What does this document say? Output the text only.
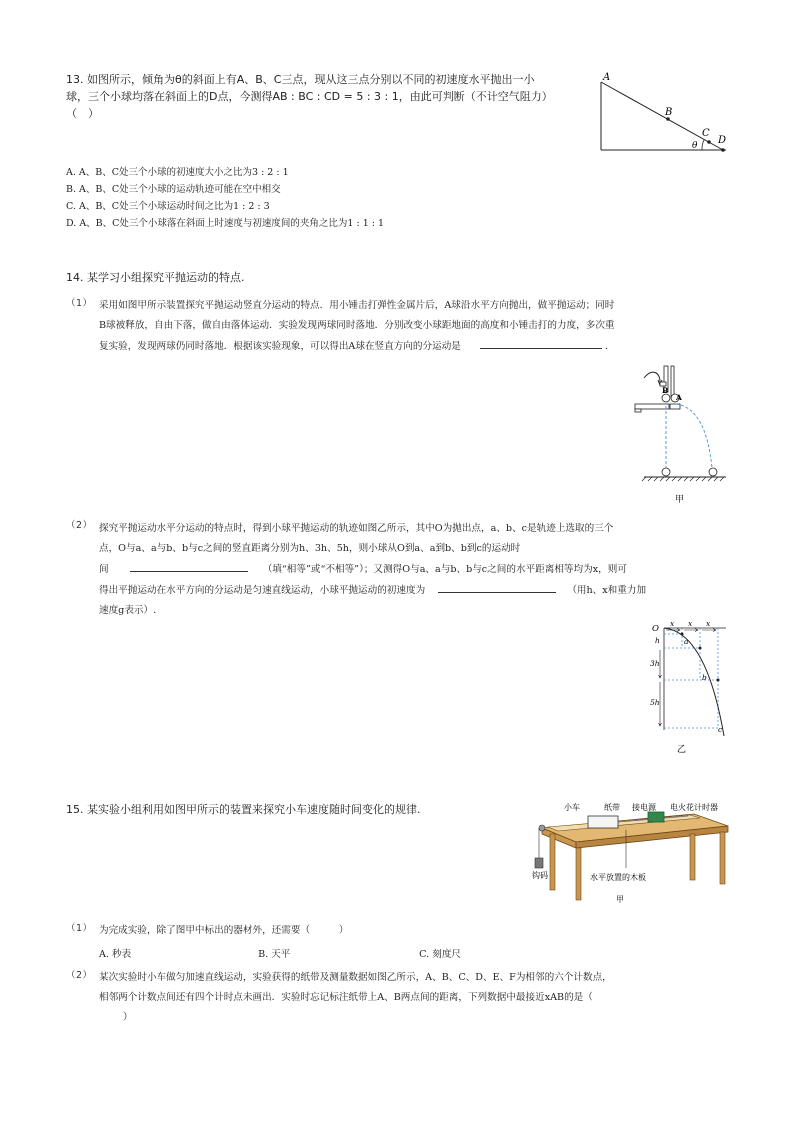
13. 如图所示，倾角为θ的斜面上有A、B、C三点，现从这三点分别以不同的初速度水平抛出一小
球，三个小球均落在斜面上的D点，今测得AB : BC : CD = 5 : 3 : 1，由此可判断（不计空气阻力）
（　）
A
B
C
D
θ
A. A、B、C处三个小球的初速度大小之比为3 : 2 : 1
B. A、B、C处三个小球的运动轨迹可能在空中相交
C. A、B、C处三个小球运动时间之比为1 : 2 : 3
D. A、B、C处三个小球落在斜面上时速度与初速度间的夹角之比为1 : 1 : 1
14. 某学习小组探究平抛运动的特点.
（1） 采用如图甲所示装置探究平抛运动竖直分运动的特点．用小锤击打弹性金属片后，A球沿水平方向抛出，做平抛运动；同时
B球被释放，自由下落，做自由落体运动．实验发现两球同时落地．分别改变小球距地面的高度和小锤击打的力度，多次重
复实验，发现两球仍同时落地．根据该实验现象，可以得出A球在竖直方向的分运动是	．
B
A
甲
（2） 探究平抛运动水平分运动的特点时，得到小球平抛运动的轨迹如图乙所示，其中O为抛出点，a、b、c是轨迹上选取的三个
点，O与a、a与b、b与c之间的竖直距离分别为h、3h、5h，则小球从O到a、a到b、b到c的运动时
间	（填“相等”或“不相等”）；又测得O与a、a与b、b与c之间的水平距离相等均为x，则可
得出平抛运动在水平方向的分运动是匀速直线运动，小球平抛运动的初速度为	（用h、x和重力加
速度g表示）.
O
x x x
h
3h
5h
a
b
c
乙
15. 某实验小组利用如图甲所示的装置来探究小车速度随时间变化的规律.	小车	纸带 接电源 电火花计时器
钩码	水平放置的木板
甲
（1） 为完成实验，除了图甲中标出的器材外，还需要（　　　）
A. 秒表	B. 天平	C. 刻度尺
（2） 某次实验时小车做匀加速直线运动，实验获得的纸带及测量数据如图乙所示，A、B、C、D、E、F为相邻的六个计数点，
相邻两个计数点间还有四个计时点未画出．实验时忘记标注纸带上A、B两点间的距离，下列数据中最接近xAB的是（
）
